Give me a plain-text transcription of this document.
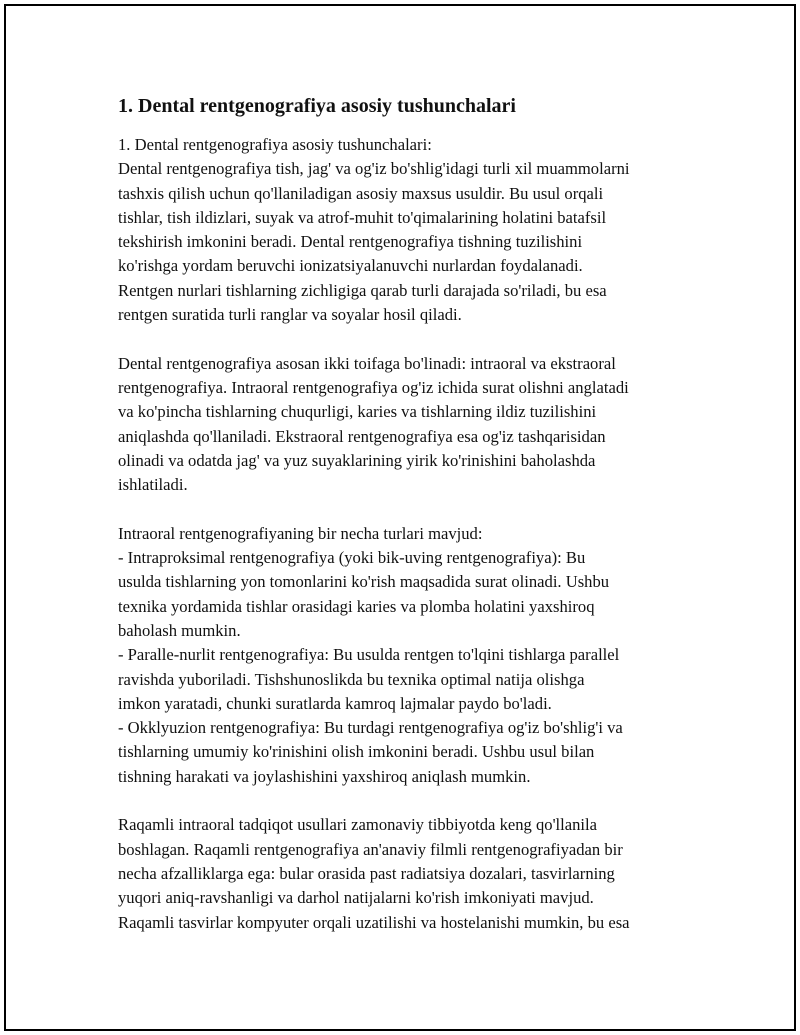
1. Dental rentgenografiya asosiy tushunchalari
1. Dental rentgenografiya asosiy tushunchalari:
Dental rentgenografiya tish, jag' va og'iz bo'shlig'idagi turli xil muammolarni
tashxis qilish uchun qo'llaniladigan asosiy maxsus usuldir. Bu usul orqali
tishlar, tish ildizlari, suyak va atrof-muhit to'qimalarining holatini batafsil
tekshirish imkonini beradi. Dental rentgenografiya tishning tuzilishini
ko'rishga yordam beruvchi ionizatsiyalanuvchi nurlardan foydalanadi.
Rentgen nurlari tishlarning zichligiga qarab turli darajada so'riladi, bu esa
rentgen suratida turli ranglar va soyalar hosil qiladi.
Dental rentgenografiya asosan ikki toifaga bo'linadi: intraoral va ekstraoral
rentgenografiya. Intraoral rentgenografiya og'iz ichida surat olishni anglatadi
va ko'pincha tishlarning chuqurligi, karies va tishlarning ildiz tuzilishini
aniqlashda qo'llaniladi. Ekstraoral rentgenografiya esa og'iz tashqarisidan
olinadi va odatda jag' va yuz suyaklarining yirik ko'rinishini baholashda
ishlatiladi.
Intraoral rentgenografiyaning bir necha turlari mavjud:
- Intraproksimal rentgenografiya (yoki bik-uving rentgenografiya): Bu
usulda tishlarning yon tomonlarini ko'rish maqsadida surat olinadi. Ushbu
texnika yordamida tishlar orasidagi karies va plomba holatini yaxshiroq
baholash mumkin.
- Paralle-nurlit rentgenografiya: Bu usulda rentgen to'lqini tishlarga parallel
ravishda yuboriladi. Tishshunoslikda bu texnika optimal natija olishga
imkon yaratadi, chunki suratlarda kamroq lajmalar paydo bo'ladi.
- Okklyuzion rentgenografiya: Bu turdagi rentgenografiya og'iz bo'shlig'i va
tishlarning umumiy ko'rinishini olish imkonini beradi. Ushbu usul bilan
tishning harakati va joylashishini yaxshiroq aniqlash mumkin.
Raqamli intraoral tadqiqot usullari zamonaviy tibbiyotda keng qo'llanila
boshlagan. Raqamli rentgenografiya an'anaviy filmli rentgenografiyadan bir
necha afzalliklarga ega: bular orasida past radiatsiya dozalari, tasvirlarning
yuqori aniq-ravshanligi va darhol natijalarni ko'rish imkoniyati mavjud.
Raqamli tasvirlar kompyuter orqali uzatilishi va hostelanishi mumkin, bu esa
